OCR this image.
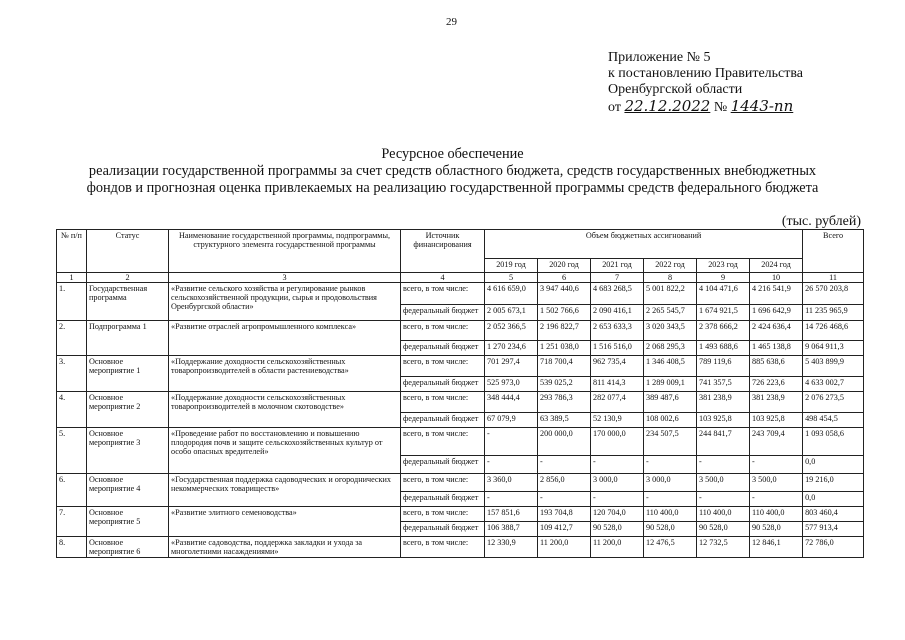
29
Приложение № 5
к постановлению Правительства
Оренбургской области
от 22.12.2022 № 1443-пп
Ресурсное обеспечение
реализации государственной программы за счет средств областного бюджета, средств государственных внебюджетных
фондов и прогнозная оценка привлекаемых на реализацию государственной программы средств федерального бюджета
(тыс. рублей)
№ п/п	Статус	Наименование государственной программы, подпрограммы, структурного элемента государственной программы	Источник финансирования	Объем бюджетных ассигнований						Всего
				2019 год	2020 год	2021 год	2022 год	2023 год	2024 год	
1	2	3	4	5	6	7	8	9	10	11
1.	Государственная программа	«Развитие сельского хозяйства и регулирование рынков сельскохозяйственной продукции, сырья и продовольствия Оренбургской области»	всего, в том числе:	4 616 659,0	3 947 440,6	4 683 268,5	5 001 822,2	4 104 471,6	4 216 541,9	26 570 203,8
			федеральный бюджет	2 005 673,1	1 502 766,6	2 090 416,1	2 265 545,7	1 674 921,5	1 696 642,9	11 235 965,9
2.	Подпрограмма 1	«Развитие отраслей агропромышленного комплекса»	всего, в том числе:	2 052 366,5	2 196 822,7	2 653 633,3	3 020 343,5	2 378 666,2	2 424 636,4	14 726 468,6
			федеральный бюджет	1 270 234,6	1 251 038,0	1 516 516,0	2 068 295,3	1 493 688,6	1 465 138,8	9 064 911,3
3.	Основное мероприятие 1	«Поддержание доходности сельскохозяйственных товаропроизводителей в области растениеводства»	всего, в том числе:	701 297,4	718 700,4	962 735,4	1 346 408,5	789 119,6	885 638,6	5 403 899,9
			федеральный бюджет	525 973,0	539 025,2	811 414,3	1 289 009,1	741 357,5	726 223,6	4 633 002,7
4.	Основное мероприятие 2	«Поддержание доходности сельскохозяйственных товаропроизводителей в молочном скотоводстве»	всего, в том числе:	348 444,4	293 786,3	282 077,4	389 487,6	381 238,9	381 238,9	2 076 273,5
			федеральный бюджет	67 079,9	63 389,5	52 130,9	108 002,6	103 925,8	103 925,8	498 454,5
5.	Основное мероприятие 3	«Проведение работ по восстановлению и повышению плодородия почв и защите сельскохозяйственных культур от особо опасных вредителей»	всего, в том числе:	-	200 000,0	170 000,0	234 507,5	244 841,7	243 709,4	1 093 058,6
			федеральный бюджет	-	-	-	-	-	-	0,0
6.	Основное мероприятие 4	«Государственная поддержка садоводческих и огороднических некоммерческих товариществ»	всего, в том числе:	3 360,0	2 856,0	3 000,0	3 000,0	3 500,0	3 500,0	19 216,0
			федеральный бюджет	-	-	-	-	-	-	0,0
7.	Основное мероприятие 5	«Развитие элитного семеноводства»	всего, в том числе:	157 851,6	193 704,8	120 704,0	110 400,0	110 400,0	110 400,0	803 460,4
			федеральный бюджет	106 388,7	109 412,7	90 528,0	90 528,0	90 528,0	90 528,0	577 913,4
8.	Основное мероприятие 6	«Развитие садоводства, поддержка закладки и ухода за многолетними насаждениями»	всего, в том числе:	12 330,9	11 200,0	11 200,0	12 476,5	12 732,5	12 846,1	72 786,0
